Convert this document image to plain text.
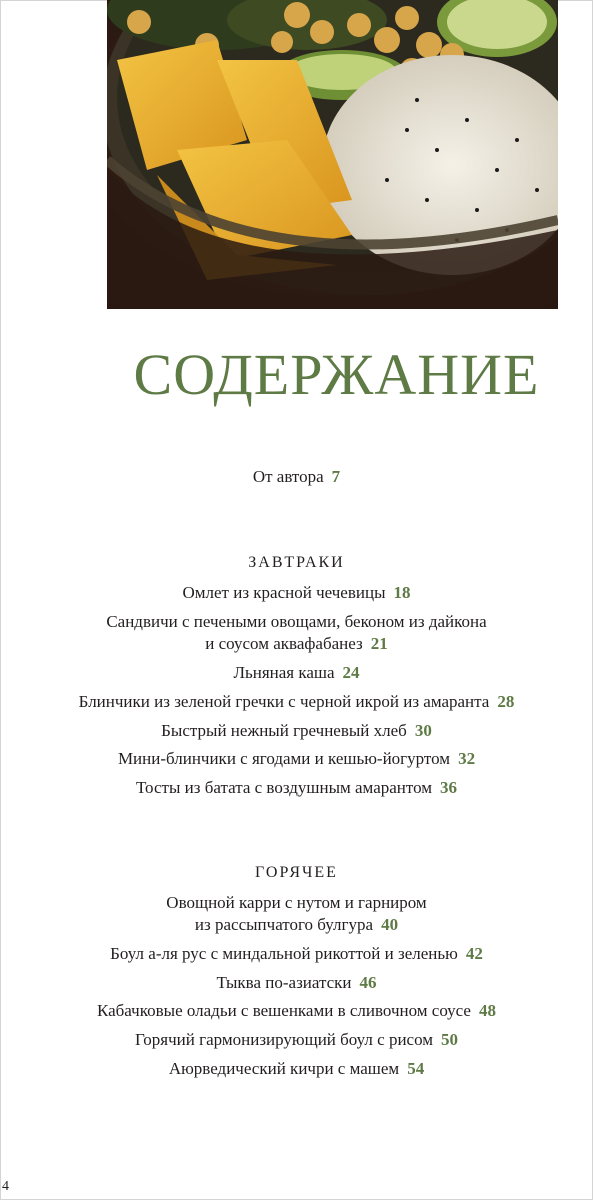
СОДЕРЖАНИЕ
От автора 7
ЗАВТРАКИ
Омлет из красной чечевицы 18
Сандвичи с печеными овощами, беконом из дайкона
и соусом аквафабанез 21
Льняная каша 24
Блинчики из зеленой гречки с черной икрой из амаранта 28
Быстрый нежный гречневый хлеб 30
Мини-блинчики с ягодами и кешью-йогуртом 32
Тосты из батата с воздушным амарантом 36
ГОРЯЧЕЕ
Овощной карри с нутом и гарниром
из рассыпчатого булгура 40
Боул а-ля рус с миндальной рикоттой и зеленью 42
Тыква по-азиатски 46
Кабачковые оладьи с вешенками в сливочном соусе 48
Горячий гармонизирующий боул с рисом 50
Аюрведический кичри с машем 54
4
